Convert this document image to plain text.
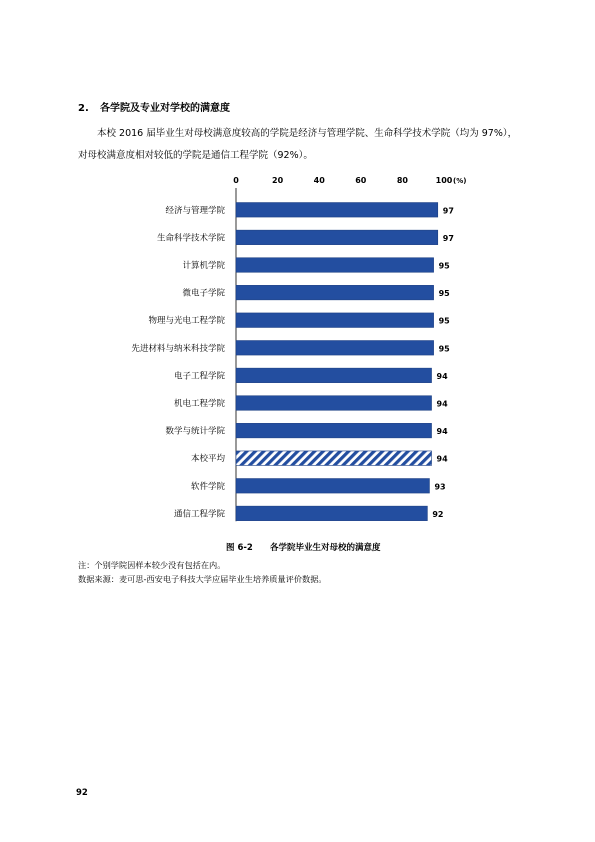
2. 各学院及专业对学校的满意度
本校 2016 届毕业生对母校满意度较高的学院是经济与管理学院、生命科学技术学院（均为 97%），对母校满意度相对较低的学院是通信工程学院（92%）。
0	20	40	60	80	100 (%)
经济与管理学院	97
生命科学技术学院	97
计算机学院	95
微电子学院	95
物理与光电工程学院	95
先进材料与纳米科技学院	95
电子工程学院	94
机电工程学院	94
数学与统计学院	94
本校平均	94
软件学院	93
通信工程学院	92
图 6-2 各学院毕业生对母校的满意度
注：个别学院因样本较少没有包括在内。
数据来源：麦可思-西安电子科技大学应届毕业生培养质量评价数据。
92
